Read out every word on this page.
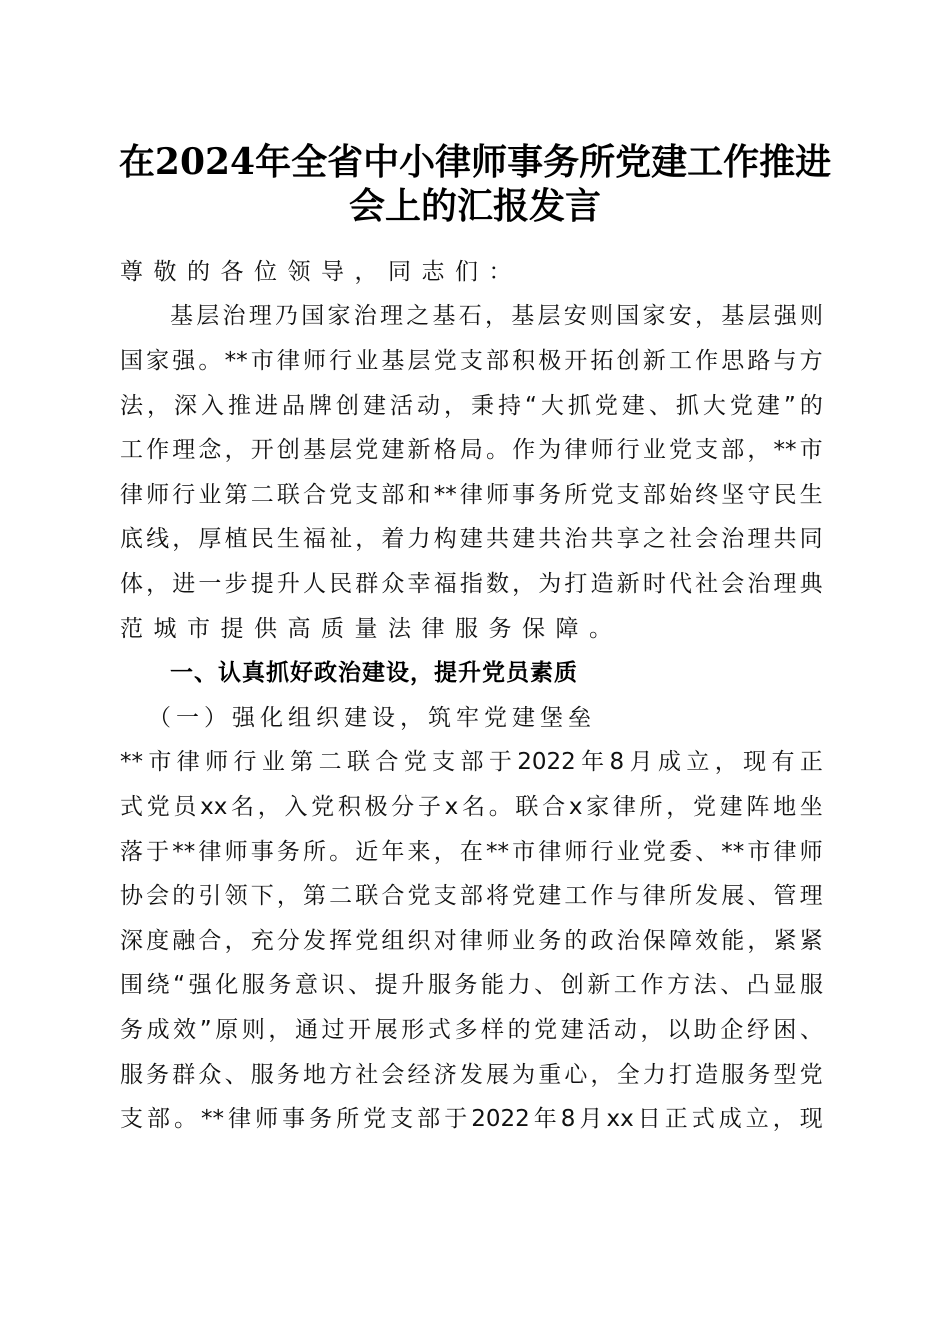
在2024年全省中小律师事务所党建工作推进
会上的汇报发言
尊敬的各位领导，同志们：
基 层 治 理 乃 国 家 治 理 之 基 石 ， 基 层 安 则 国 家 安 ， 基 层 强 则
国 家 强 。 ** 市 律 师 行 业 基 层 党 支 部 积 极 开 拓 创 新 工 作 思 路 与 方
法 ， 深 入 推 进 品 牌 创 建 活 动 ， 秉 持 “ 大 抓 党 建 、 抓 大 党 建 ” 的
工 作 理 念 ， 开 创 基 层 党 建 新 格 局 。 作 为 律 师 行 业 党 支 部 ， ** 市
律 师 行 业 第 二 联 合 党 支 部 和 ** 律 师 事 务 所 党 支 部 始 终 坚 守 民 生
底 线 ， 厚 植 民 生 福 祉 ， 着 力 构 建 共 建 共 治 共 享 之 社 会 治 理 共 同
体 ， 进 一 步 提 升 人 民 群 众 幸 福 指 数 ， 为 打 造 新 时 代 社 会 治 理 典
范城市提供高质量法律服务保障。
一、认真抓好政治建设，提升党员素质
（一）强化组织建设，筑牢党建堡垒
** 市 律 师 行 业 第 二 联 合 党 支 部 于 2022 年 8 月 成 立 ， 现 有 正
式 党 员 xx 名 ， 入 党 积 极 分 子 x 名 。 联 合 x 家 律 所 ， 党 建 阵 地 坐
落 于 ** 律 师 事 务 所 。 近 年 来 ， 在 ** 市 律 师 行 业 党 委 、 ** 市 律 师
协 会 的 引 领 下 ， 第 二 联 合 党 支 部 将 党 建 工 作 与 律 所 发 展 、 管 理
深 度 融 合 ， 充 分 发 挥 党 组 织 对 律 师 业 务 的 政 治 保 障 效 能 ， 紧 紧
围 绕 “ 强 化 服 务 意 识 、 提 升 服 务 能 力 、 创 新 工 作 方 法 、 凸 显 服
务 成 效 ” 原 则 ， 通 过 开 展 形 式 多 样 的 党 建 活 动 ， 以 助 企 纾 困 、
服 务 群 众 、 服 务 地 方 社 会 经 济 发 展 为 重 心 ， 全 力 打 造 服 务 型 党
支 部 。 ** 律 师 事 务 所 党 支 部 于 2022 年 8 月 xx 日 正 式 成 立 ， 现
